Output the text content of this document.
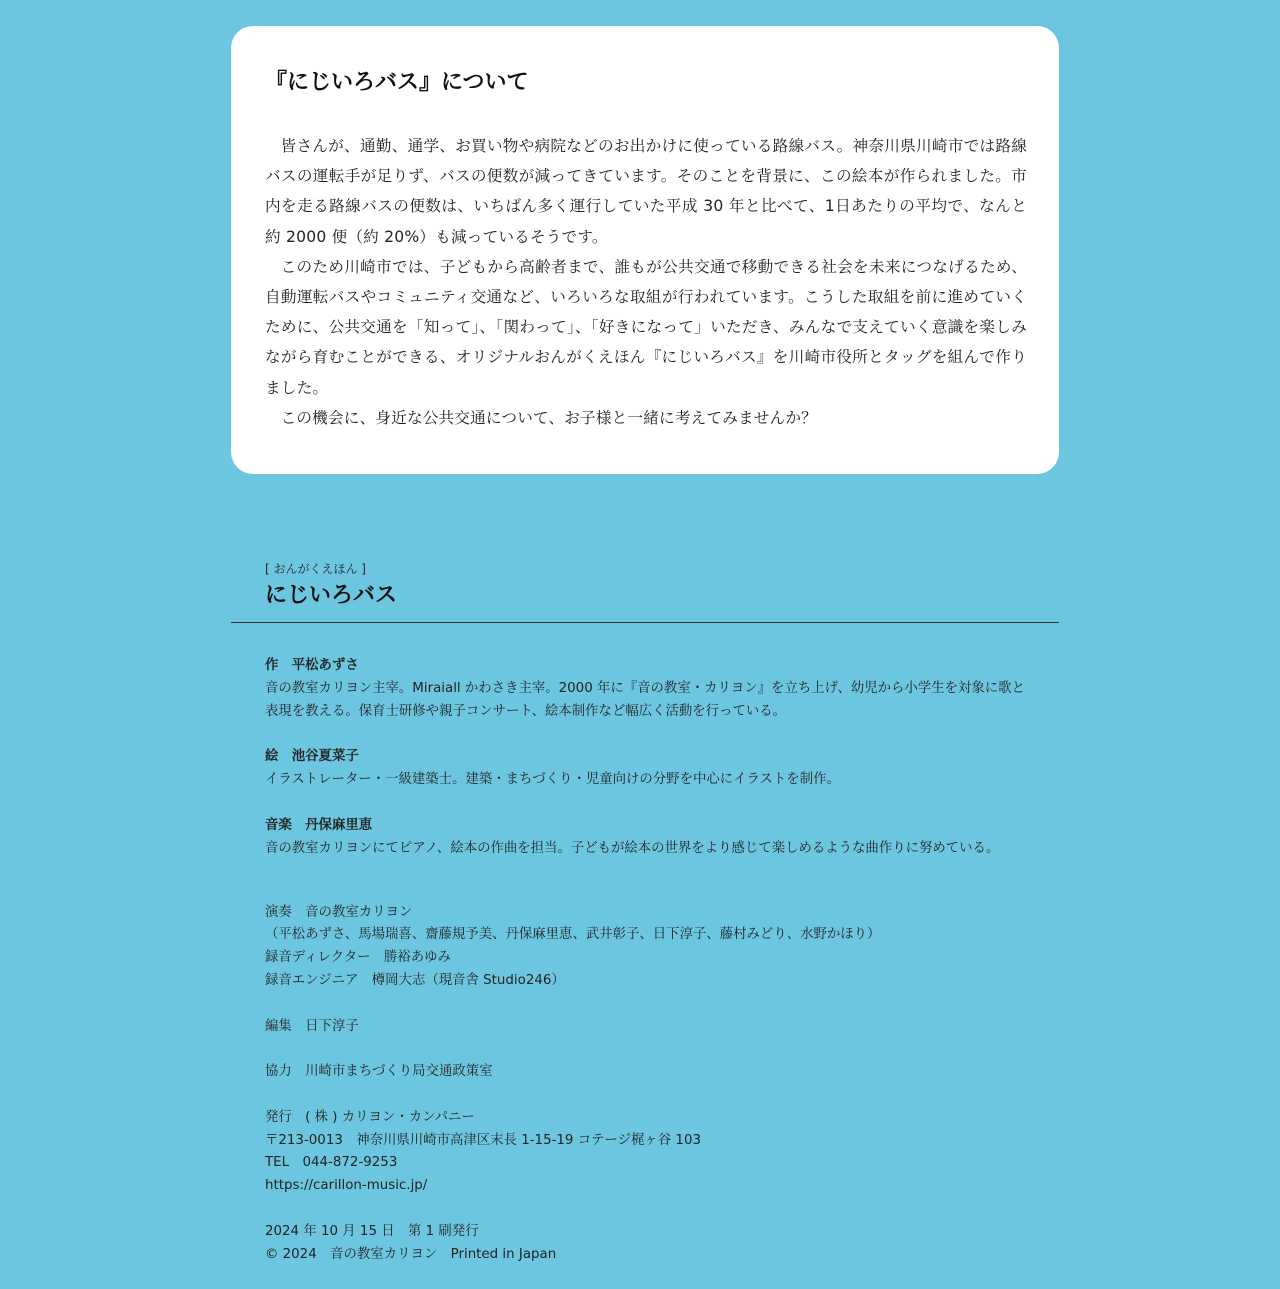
『にじいろバス』について

皆さんが、通勤、通学、お買い物や病院などのお出かけに使っている路線バス。神奈川県川崎市では路線バスの運転手が足りず、バスの便数が減ってきています。そのことを背景に、この絵本が作られました。市内を走る路線バスの便数は、いちばん多く運行していた平成 30 年と比べて、1日あたりの平均で、なんと約 2000 便（約 20%）も減っているそうです。

このため川崎市では、子どもから高齢者まで、誰もが公共交通で移動できる社会を未来につなげるため、自動運転バスやコミュニティ交通など、いろいろな取組が行われています。こうした取組を前に進めていくために、公共交通を「知って」、「関わって」、「好きになって」いただき、みんなで支えていく意識を楽しみながら育むことができる、オリジナルおんがくえほん『にじいろバス』を川崎市役所とタッグを組んで作りました。

この機会に、身近な公共交通について、お子様と一緒に考えてみませんか？

[ おんがくえほん ]
にじいろバス
作　平松あずさ
音の教室カリヨン主宰。Miraiall かわさき主宰。2000 年に『音の教室・カリヨン』を立ち上げ、幼児から小学生を対象に歌と表現を教える。保育士研修や親子コンサート、絵本制作など幅広く活動を行っている。
絵　池谷夏菜子
イラストレーター・一級建築士。建築・まちづくり・児童向けの分野を中心にイラストを制作。
音楽　丹保麻里恵
音の教室カリヨンにてピアノ、絵本の作曲を担当。子どもが絵本の世界をより感じて楽しめるような曲作りに努めている。
演奏　音の教室カリヨン
（平松あずさ、馬場瑞喜、齋藤規予美、丹保麻里恵、武井彰子、日下淳子、藤村みどり、水野かほり）
録音ディレクター　勝裕あゆみ
録音エンジニア　樽岡大志（現音舎 Studio246）
編集　日下淳子
協力　川崎市まちづくり局交通政策室
発行　( 株 ) カリヨン・カンパニー
〒213-0013　神奈川県川崎市高津区末長 1-15-19 コテージ梶ヶ谷 103
TEL　044-872-9253
https://carillon-music.jp/
2024 年 10 月 15 日　第 1 刷発行
© 2024　音の教室カリヨン　Printed in Japan
